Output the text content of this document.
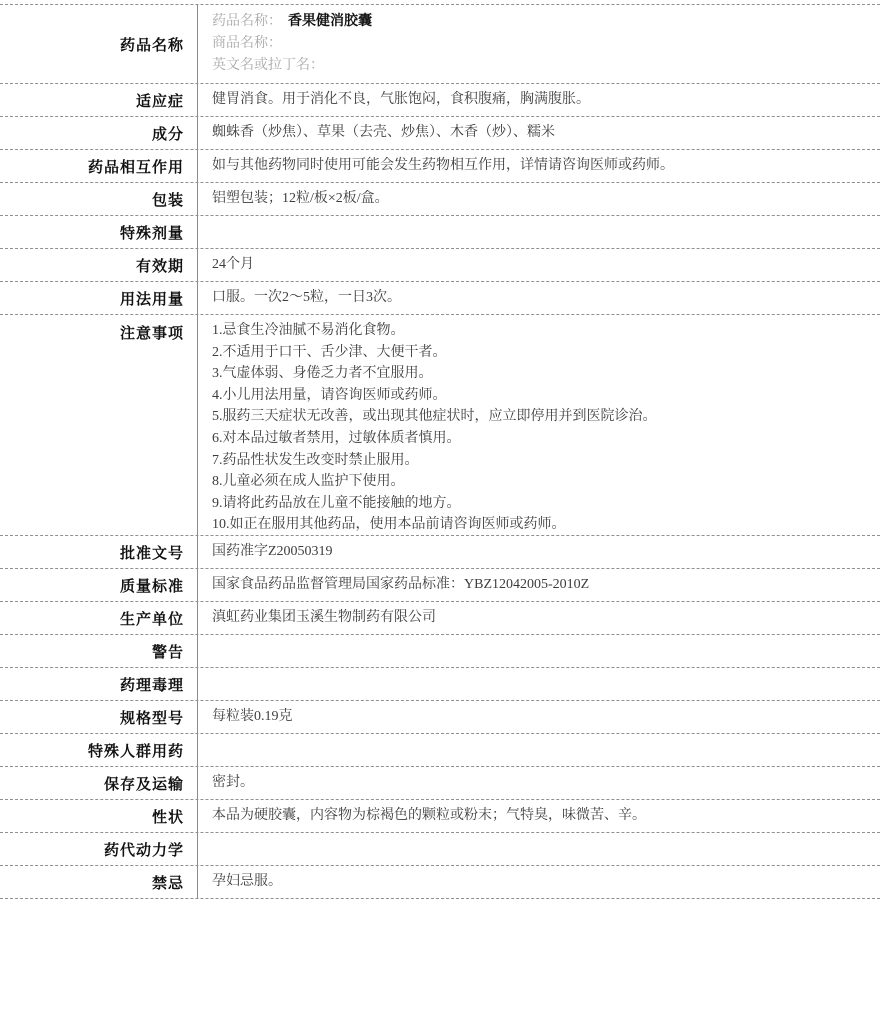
药品名称
药品名称： 香果健消胶囊
商品名称：
英文名或拉丁名：
适应症	健胃消食。用于消化不良，气胀饱闷，食积腹痛，胸满腹胀。
成分	蜘蛛香（炒焦）、草果（去壳、炒焦）、木香（炒）、糯米
药品相互作用	如与其他药物同时使用可能会发生药物相互作用，详情请咨询医师或药师。
包装	铝塑包装；12粒/板×2板/盒。
特殊剂量
有效期	24个月
用法用量	口服。一次2～5粒，一日3次。
注意事项	1.忌食生冷油腻不易消化食物。
2.不适用于口干、舌少津、大便干者。
3.气虚体弱、身倦乏力者不宜服用。
4.小儿用法用量，请咨询医师或药师。
5.服药三天症状无改善，或出现其他症状时，应立即停用并到医院诊治。
6.对本品过敏者禁用，过敏体质者慎用。
7.药品性状发生改变时禁止服用。
8.儿童必须在成人监护下使用。
9.请将此药品放在儿童不能接触的地方。
10.如正在服用其他药品，使用本品前请咨询医师或药师。
批准文号	国药准字Z20050319
质量标准	国家食品药品监督管理局国家药品标准：YBZ12042005-2010Z
生产单位	滇虹药业集团玉溪生物制药有限公司
警告
药理毒理
规格型号	每粒装0.19克
特殊人群用药
保存及运输	密封。
性状	本品为硬胶囊，内容物为棕褐色的颗粒或粉末；气特臭，味微苦、辛。
药代动力学
禁忌	孕妇忌服。
